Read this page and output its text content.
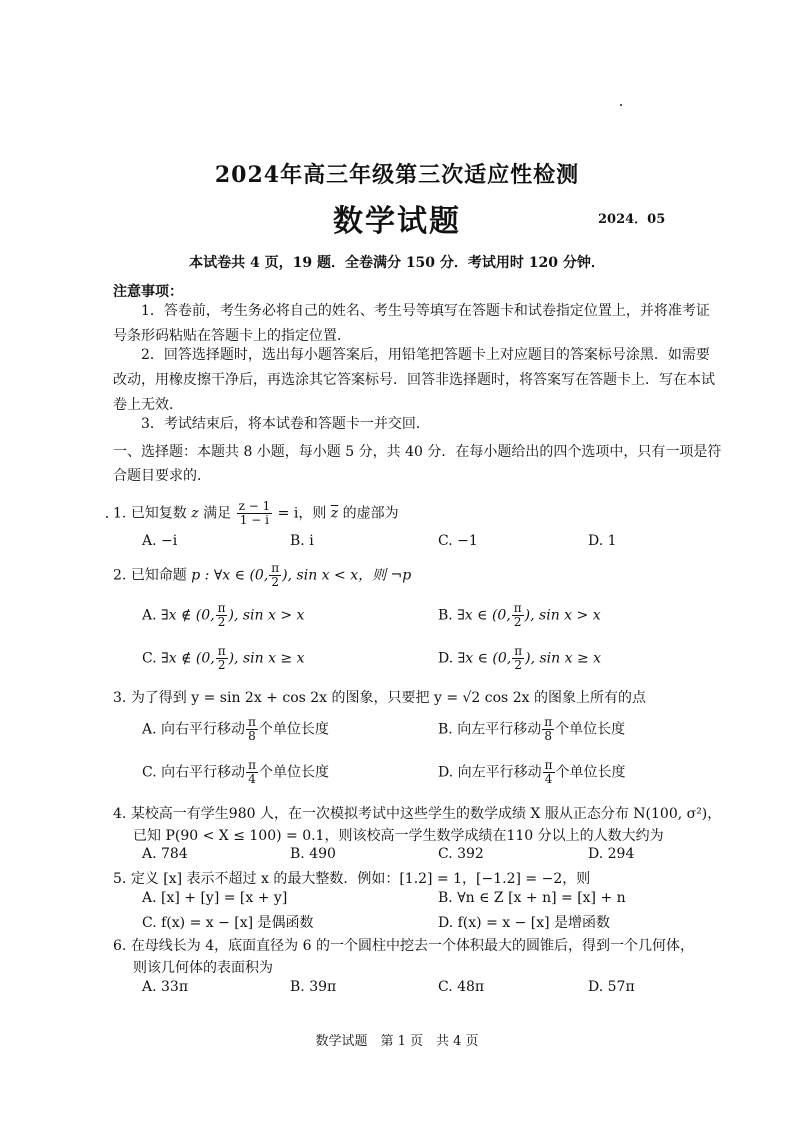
2024年高三年级第三次适应性检测
数学试题	2024．05
本试卷共 4 页，19 题．全卷满分 150 分．考试用时 120 分钟．
注意事项：
1．答卷前，考生务必将自己的姓名、考生号等填写在答题卡和试卷指定位置上，并将准考证号条形码粘贴在答题卡上的指定位置．
2．回答选择题时，选出每小题答案后，用铅笔把答题卡上对应题目的答案标号涂黑．如需要改动，用橡皮擦干净后，再选涂其它答案标号．回答非选择题时，将答案写在答题卡上．写在本试卷上无效．
3．考试结束后，将本试卷和答题卡一并交回．
一、选择题：本题共 8 小题，每小题 5 分，共 40 分．在每小题给出的四个选项中，只有一项是符合题目要求的．
1. 已知复数 z 满足 $\frac{z - 1}{1 - i} = i$，则 $\overline{z}$ 的虚部为
A. −i	B. i	C. −1	D. 1
2. 已知命题 p : ∀x ∈ (0, $\frac{\pi}{2}$ ), sin x < x，则 ¬p
A. ∃x ∉ (0, $\frac{\pi}{2}$ ), sin x > x	B. ∃x ∈ (0, $\frac{\pi}{2}$ ), sin x > x
C. ∃x ∉ (0, $\frac{\pi}{2}$ ), sin x ≥ x	D. ∃x ∈ (0, $\frac{\pi}{2}$ ), sin x ≥ x
3. 为了得到 y = sin 2x + cos 2x 的图象，只要把 y = √2 cos 2x 的图象上所有的点
A. 向右平行移动 $\frac{\pi}{8}$ 个单位长度	B. 向左平行移动 $\frac{\pi}{8}$ 个单位长度
C. 向右平行移动 $\frac{\pi}{4}$ 个单位长度	D. 向左平行移动 $\frac{\pi}{4}$ 个单位长度
4. 某校高一有学生980 人，在一次模拟考试中这些学生的数学成绩 X 服从正态分布 N(100, σ²)，
已知 P(90 < X ≤ 100) = 0.1，则该校高一学生数学成绩在110 分以上的人数大约为
A. 784	B. 490	C. 392	D. 294
5. 定义 [x] 表示不超过 x 的最大整数．例如：[1.2] = 1，[−1.2] = −2，则
A. [x] + [y] = [x + y]	B. ∀n ∈ Z [x + n] = [x] + n
C. f(x) = x − [x] 是偶函数	D. f(x) = x − [x] 是增函数
6. 在母线长为 4，底面直径为 6 的一个圆柱中挖去一个体积最大的圆锥后，得到一个几何体，
则该几何体的表面积为
A. 33π	B. 39π	C. 48π	D. 57π
数学试题　第 1 页　共 4 页
